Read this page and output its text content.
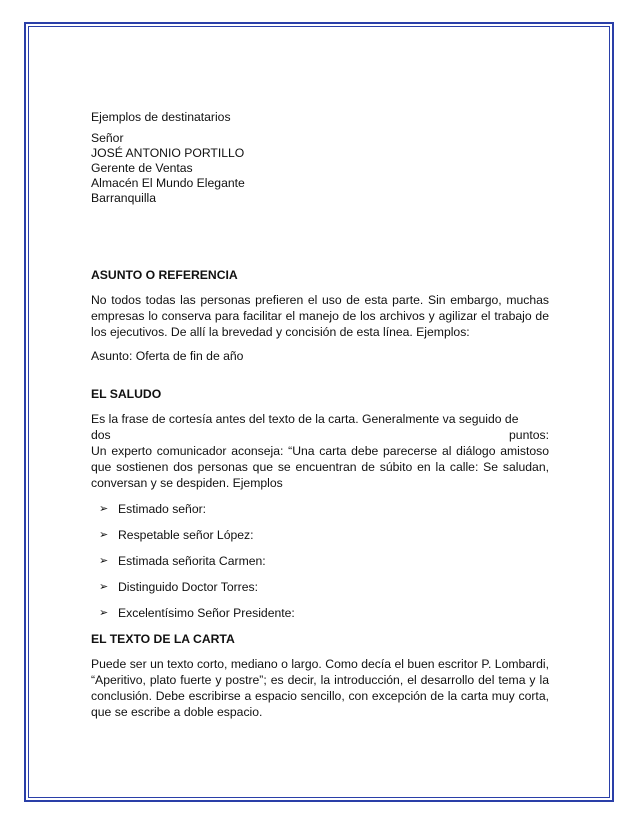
Ejemplos de destinatarios

Señor
JOSÉ ANTONIO PORTILLO
Gerente de Ventas
Almacén El Mundo Elegante
Barranquilla

ASUNTO O REFERENCIA

No todos todas las personas prefieren el uso de esta parte. Sin embargo, muchas empresas lo conserva para facilitar el manejo de los archivos y agilizar el trabajo de los ejecutivos. De allí la brevedad y concisión de esta línea. Ejemplos:

Asunto: Oferta de fin de año

EL SALUDO

Es la frase de cortesía antes del texto de la carta. Generalmente va seguido de

dos	puntos:

Un experto comunicador aconseja: “Una carta debe parecerse al diálogo amistoso que sostienen dos personas que se encuentran de súbito en la calle: Se saludan, conversan y se despiden. Ejemplos

➢ Estimado señor:
➢ Respetable señor López:
➢ Estimada señorita Carmen:
➢ Distinguido Doctor Torres:
➢ Excelentísimo Señor Presidente:

EL TEXTO DE LA CARTA

Puede ser un texto corto, mediano o largo. Como decía el buen escritor P. Lombardi, “Aperitivo, plato fuerte y postre”; es decir, la introducción, el desarrollo del tema y la conclusión. Debe escribirse a espacio sencillo, con excepción de la carta muy corta, que se escribe a doble espacio.
